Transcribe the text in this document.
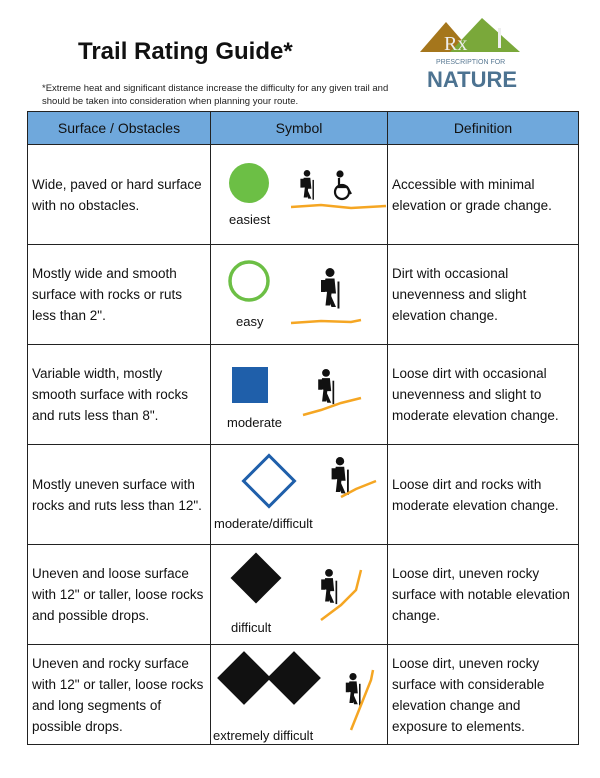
Trail Rating Guide*
*Extreme heat and significant distance increase the difficulty for any given trail and should be taken into consideration when planning your route.
Rx
PRESCRIPTION FOR
NATURE
Surface / Obstacles	Symbol	Definition
Wide, paved or hard surface with no obstacles.	easiest	Accessible with minimal elevation or grade change.
Mostly wide and smooth surface with rocks or ruts less than 2".	easy	Dirt with occasional unevenness and slight elevation change.
Variable width, mostly smooth surface with rocks and ruts less than 8".	moderate	Loose dirt with occasional unevenness and slight to moderate elevation change.
Mostly uneven surface with rocks and ruts less than 12".	moderate/difficult	Loose dirt and rocks with moderate elevation change.
Uneven and loose surface with 12" or taller, loose rocks and possible drops.	difficult	Loose dirt, uneven rocky surface with notable elevation change.
Uneven and rocky surface with 12" or taller, loose rocks and long segments of possible drops.	extremely difficult	Loose dirt, uneven rocky surface with considerable elevation change and exposure to elements.
